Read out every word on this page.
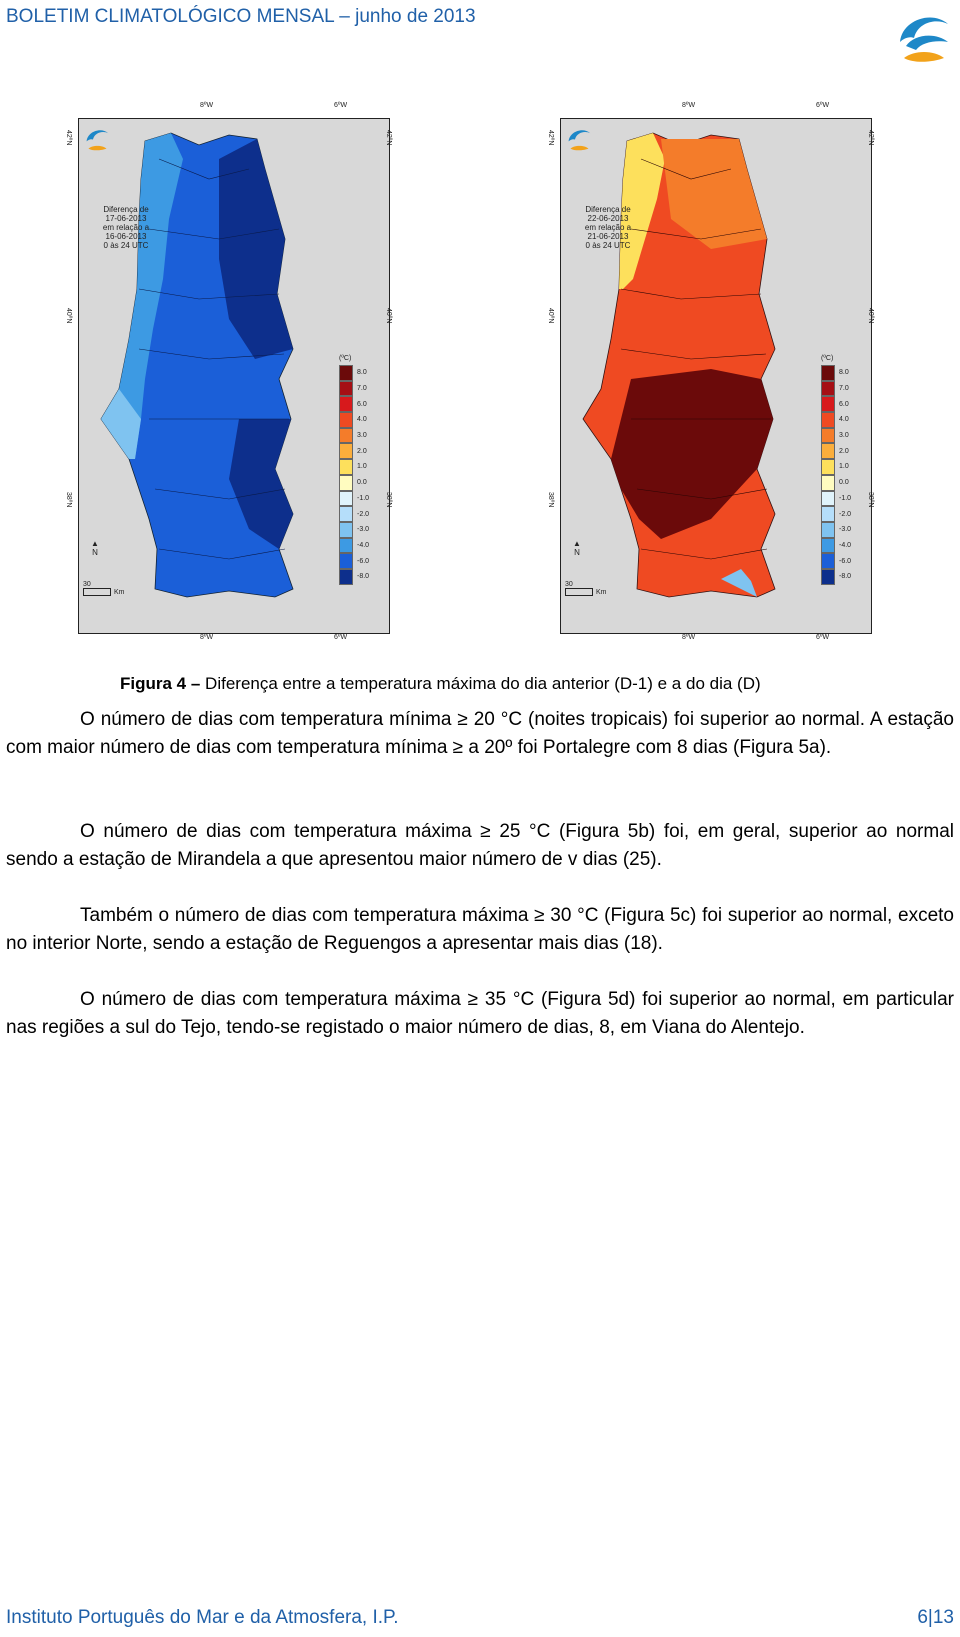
BOLETIM CLIMATOLÓGICO MENSAL – junho de 2013
8ºW	6ºW
Diferença de
17-06-2013
em relação a
16-06-2013
0 às 24 UTC
(ºC)
8.0
7.0
6.0
4.0
3.0
2.0
1.0
0.0
-1.0
-2.0
-3.0
-4.0
-6.0
-8.0
▲
N
30
Km
42ºN
40ºN
38ºN
42ºN
40ºN
38ºN
8ºW	6ºW
8ºW	6ºW
Diferença de
22-06-2013
em relação a
21-06-2013
0 às 24 UTC
(ºC)
8.0
7.0
6.0
4.0
3.0
2.0
1.0
0.0
-1.0
-2.0
-3.0
-4.0
-6.0
-8.0
▲
N
30
Km
42ºN
40ºN
38ºN
42ºN
40ºN
38ºN
8ºW	6ºW
Figura 4 – Diferença entre a temperatura máxima do dia anterior (D-1) e a do dia (D)

O número de dias com temperatura mínima ≥ 20 °C (noites tropicais) foi superior ao normal. A estação com maior número de dias com temperatura mínima ≥ a 20º foi Portalegre com 8 dias (Figura 5a).

O número de dias com temperatura máxima ≥ 25 °C (Figura 5b) foi, em geral, superior ao normal sendo a estação de Mirandela a que apresentou maior número de v dias (25).

Também o número de dias com temperatura máxima ≥ 30 °C (Figura 5c) foi superior ao normal, exceto no interior Norte, sendo a estação de Reguengos a apresentar mais dias (18).

O número de dias com temperatura máxima ≥ 35 °C (Figura 5d) foi superior ao normal, em particular nas regiões a sul do Tejo, tendo-se registado o maior número de dias, 8, em Viana do Alentejo.

Instituto Português do Mar e da Atmosfera, I.P.	6|13
